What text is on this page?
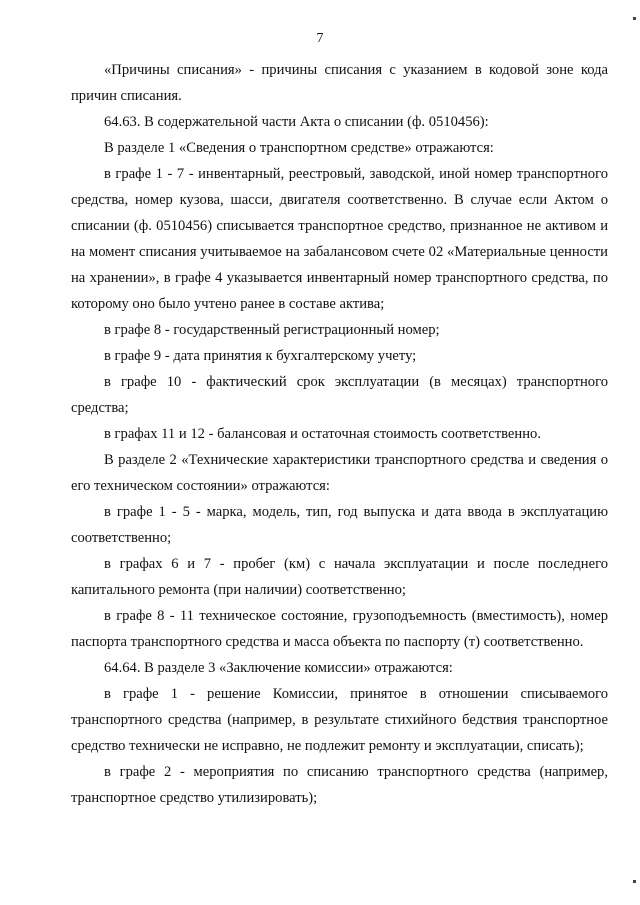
7

«Причины списания» - причины списания с указанием в кодовой зоне кода причин списания.

64.63. В содержательной части Акта о списании (ф. 0510456):

В разделе 1 «Сведения о транспортном средстве» отражаются:

в графе 1 - 7 - инвентарный, реестровый, заводской, иной номер транспортного средства, номер кузова, шасси, двигателя соответственно. В случае если Актом о списании (ф. 0510456) списывается транспортное средство, признанное не активом и на момент списания учитываемое на забалансовом счете 02 «Материальные ценности на хранении», в графе 4 указывается инвентарный номер транспортного средства, по которому оно было учтено ранее в составе актива;

в графе 8 - государственный регистрационный номер;

в графе 9 - дата принятия к бухгалтерскому учету;

в графе 10 - фактический срок эксплуатации (в месяцах) транспортного средства;

в графах 11 и 12 - балансовая и остаточная стоимость соответственно.

В разделе 2 «Технические характеристики транспортного средства и сведения о его техническом состоянии» отражаются:

в графе 1 - 5 - марка, модель, тип, год выпуска и дата ввода в эксплуатацию соответственно;

в графах 6 и 7 - пробег (км) с начала эксплуатации и после последнего капитального ремонта (при наличии) соответственно;

в графе 8 - 11 техническое состояние, грузоподъемность (вместимость), номер паспорта транспортного средства и масса объекта по паспорту (т) соответственно.

64.64. В разделе 3 «Заключение комиссии» отражаются:

в графе 1 - решение Комиссии, принятое в отношении списываемого транспортного средства (например, в результате стихийного бедствия транспортное средство технически не исправно, не подлежит ремонту и эксплуатации, списать);

в графе 2 - мероприятия по списанию транспортного средства (например, транспортное средство утилизировать);
